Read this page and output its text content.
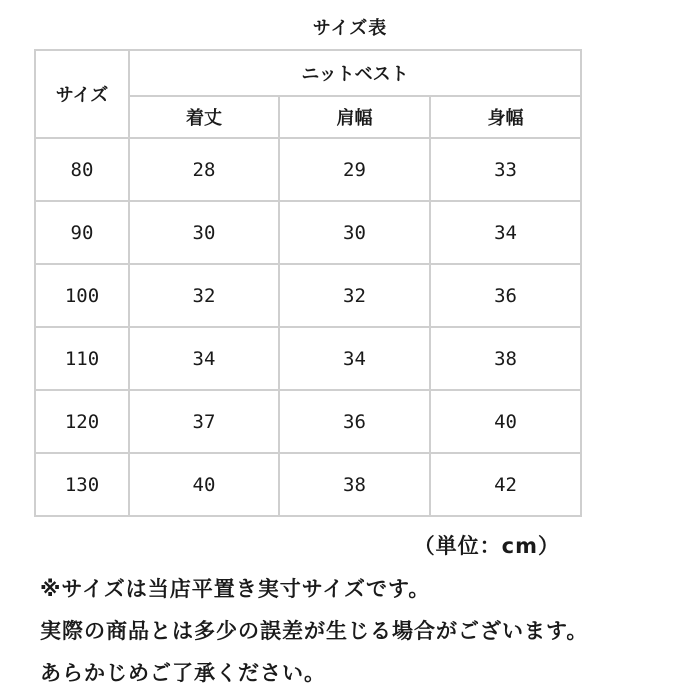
サイズ表
サイズ	ニットベスト		
	着丈	肩幅	身幅
80	28	29	33
90	30	30	34
100	32	32	36
110	34	34	38
120	37	36	40
130	40	38	42
（単位：cm）
※サイズは当店平置き実寸サイズです。
実際の商品とは多少の誤差が生じる場合がございます。
あらかじめご了承ください。
